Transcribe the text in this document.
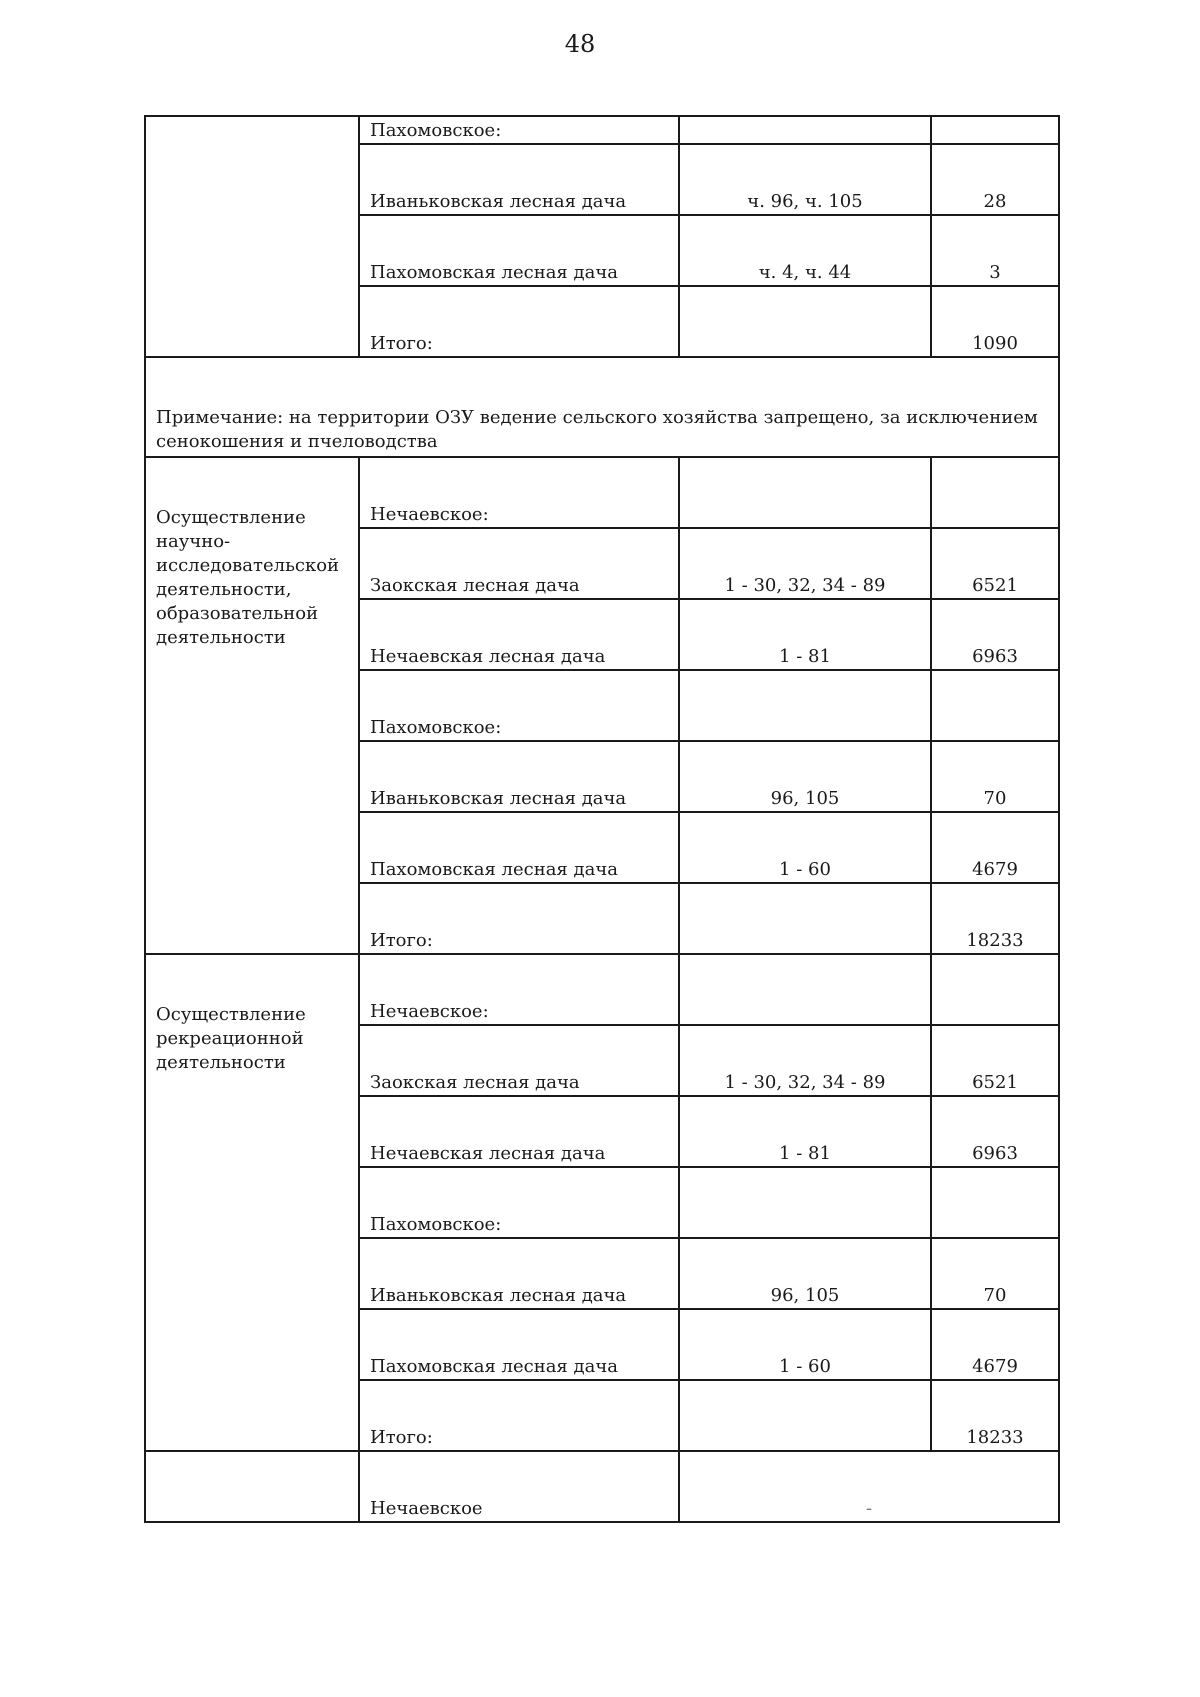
48
	Пахомовское:		
	Иваньковская лесная дача	ч. 96, ч. 105	28
	Пахомовская лесная дача	ч. 4, ч. 44	3
	Итого:		1090
Примечание: на территории ОЗУ ведение сельского хозяйства запрещено, за исключением сенокошения и пчеловодства			
Осуществление научно-исследовательской деятельности, образовательной деятельности	Нечаевское:		
	Заокская лесная дача	1 - 30, 32, 34 - 89	6521
	Нечаевская лесная дача	1 - 81	6963
	Пахомовское:		
	Иваньковская лесная дача	96, 105	70
	Пахомовская лесная дача	1 - 60	4679
	Итого:		18233
Осуществление рекреационной деятельности	Нечаевское:		
	Заокская лесная дача	1 - 30, 32, 34 - 89	6521
	Нечаевская лесная дача	1 - 81	6963
	Пахомовское:		
	Иваньковская лесная дача	96, 105	70
	Пахомовская лесная дача	1 - 60	4679
	Итого:		18233
	Нечаевское	-	
